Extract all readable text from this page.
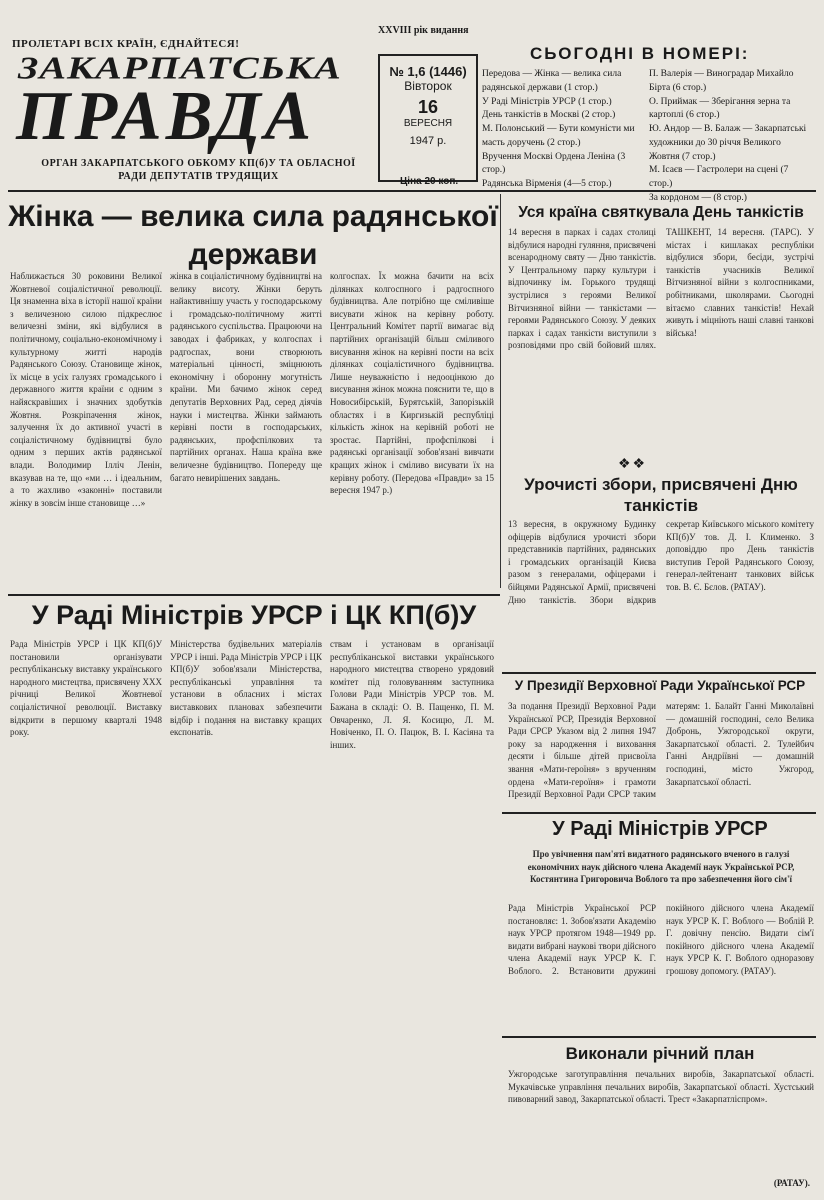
ПРОЛЕТАРІ ВСІХ КРАЇН, ЄДНАЙТЕСЯ!
XXVIII рік видання
ЗАКАРПАТСЬКА
ПРАВДА
ОРГАН ЗАКАРПАТСЬКОГО ОБКОМУ КП(б)У ТА ОБЛАСНОЇ РАДИ ДЕПУТАТІВ ТРУДЯЩИХ
№ 1,6 (1446)
Вівторок
16
ВЕРЕСНЯ
1947 р.
Ціна 20 коп.
СЬОГОДНІ В НОМЕРІ:
Передова — Жінка — велика сила радянської держави (1 стор.)
У Раді Міністрів УРСР (1 стор.)
День танкістів в Москві (2 стор.)
М. Полонський — Бути комуністи ми масть доручень (2 стор.)
Вручення Москві Ордена Леніна (3 стор.)
Радянська Вірменія (4—5 стор.)
П. Валерія — Виноградар Михайло Бірта (6 стор.)
О. Приймак — Зберігання зерна та картоплі (6 стор.)
Ю. Андор — В. Балаж — Закарпатські художники до 30 річчя Великого Жовтня (7 стор.)
М. Ісаєв — Гастролери на сцені (7 стор.)
За кордоном — (8 стор.)
Жінка — велика сила радянської держави
Наближається 30 роковини Великої Жовтневої соціалістичної революції. Ця знаменна віха в історії нашої країни з величезною силою підкреслює величезні зміни, які відбулися в політичному, соціально-економічному і культурному житті народів Радянського Союзу. Становище жінок, їх місце в усіх галузях громадського і державного життя країни є одним з найяскравіших і значних здобутків Жовтня. Розкріпачення жінок, залучення їх до активної участі в соціалістичному будівництві було одним з перших актів радянської влади. Володимир Ілліч Ленін, вказував на те, що «ми … і ідеальним, а то жахливо «законні» поставили жінку в зовсім інше становище …»
жінка в соціалістичному будівництві на велику висоту. Жінки беруть найактивнішу участь у господарському і громадсько-політичному житті радянського суспільства. Працюючи на заводах і фабриках, у колгоспах і радгоспах, вони створюють матеріальні цінності, зміцнюють економічну і оборонну могутність країни. Ми бачимо жінок серед депутатів Верховних Рад, серед діячів науки і мистецтва. Жінки займають керівні пости в господарських, радянських, профспілкових та партійних органах. Наша країна вже величезне будівництво. Попереду ще багато невирішених завдань.
колгоспах. Їх можна бачити на всіх ділянках колгоспного і радгоспного будівництва. Але потрібно ще сміливіше висувати жінок на керівну роботу. Центральний Комітет партії вимагає від партійних організацій більш сміливого висування жінок на керівні пости на всіх ділянках соціалістичного будівництва. Лише неуважністю і недооцінкою до висування жінок можна пояснити те, що в Новосибірській, Бурятській, Запорізькій областях і в Киргизькій республіці кількість жінок на керівній роботі не зростає. Партійні, профспілкові і радянські організації зобов'язані вивчати кращих жінок і сміливо висувати їх на керівну роботу. (Передова «Правди» за 15 вересня 1947 р.)
У Раді Міністрів УРСР і ЦК КП(б)У
Рада Міністрів УРСР і ЦК КП(б)У постановили організувати республіканську виставку українського народного мистецтва, присвячену XXX річниці Великої Жовтневої соціалістичної революції. Виставку відкрити в першому кварталі 1948 року.
Міністерства будівельних матеріалів УРСР і інші. Рада Міністрів УРСР і ЦК КП(б)У зобов'язали Міністерства, республіканські управління та установи в обласних і містах виставкових плановах забезпечити відбір і подання на виставку кращих експонатів.
ствам і установам в організації республіканської виставки українського народного мистецтва створено урядовий комітет під головуванням заступника Голови Ради Міністрів УРСР тов. М. Бажана в складі: О. В. Пащенко, П. М. Овчаренко, Л. Я. Косицю, Л. М. Новіченко, П. О. Пацюк, В. І. Касіяна та інших.
Уся країна святкувала День танкістів
14 вересня в парках і садах столиці відбулися народні гуляння, присвячені всенародному святу — Дню танкістів. У Центральному парку культури і відпочинку ім. Горького трудящі зустрілися з героями Великої Вітчизняної війни — танкістами — героями Радянського Союзу. У деяких парках і садах танкісти виступили з розповідями про свій бойовий шлях. ТАШКЕНТ, 14 вересня. (ТАРС). У містах і кишлаках республіки відбулися збори, бесіди, зустрічі танкістів учасників Великої Вітчизняної війни з колгоспниками, робітниками, школярами. Сьогодні вітаємо славних танкістів! Нехай живуть і міцніють наші славні танкові війська!
❖❖
Урочисті збори, присвячені Дню танкістів
13 вересня, в окружному Будинку офіцерів відбулися урочисті збори представників партійних, радянських і громадських організацій Києва разом з генералами, офіцерами і бійцями Радянської Армії, присвячені Дню танкістів. Збори відкрив секретар Київського міського комітету КП(б)У тов. Д. І. Клименко. З доповіддю про День танкістів виступив Герой Радянського Союзу, генерал-лейтенант танкових військ тов. В. Є. Бєлов. (РАТАУ).
У Президії Верховної Ради Української РСР
За подання Президії Верховної Ради Української РСР, Президія Верховної Ради СРСР Указом від 2 липня 1947 року за народження і виховання десяти і більше дітей присвоїла звання «Мати-героїня» з врученням ордена «Мати-героїня» і грамоти Президії Верховної Ради СРСР таким матерям: 1. Балайт Ганні Миколаївні — домашній господині, село Велика Добронь, Ужгородської округи, Закарпатської області. 2. Тулейбич Ганні Андріївні — домашній господині, місто Ужгород, Закарпатської області.
У Раді Міністрів УРСР
Про увічнення пам'яті видатного радянського вченого в галузі економічних наук дійсного члена Академії наук Української РСР, Костянтина Григоровича Воблого та про забезпечення його сім'ї
Рада Міністрів Української РСР постановляє: 1. Зобов'язати Академію наук УРСР протягом 1948—1949 рр. видати вибрані наукові твори дійсного члена Академії наук УРСР К. Г. Воблого. 2. Встановити дружині покійного дійсного члена Академії наук УРСР К. Г. Воблого — Воблій Р. Г. довічну пенсію. Видати сім'ї покійного дійсного члена Академії наук УРСР К. Г. Воблого одноразову грошову допомогу. (РАТАУ).
Виконали річний план
Ужгородське заготуправління печальних виробів, Закарпатської області. Мукачівське управління печальних виробів, Закарпатської області. Хустський пивоварний завод, Закарпатської області. Трест «Закарпатліспром».
(РАТАУ).
